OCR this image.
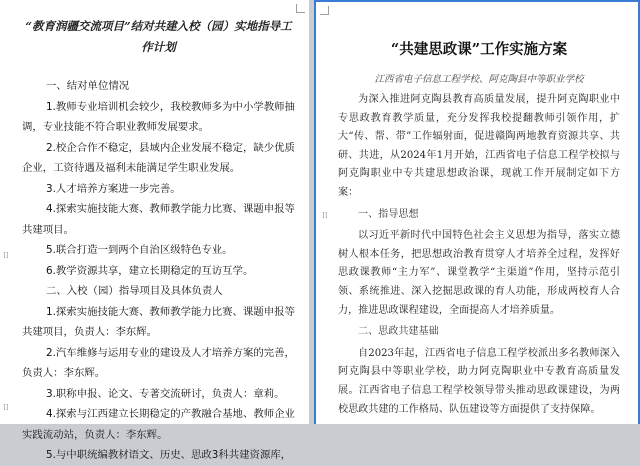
“教育润疆交流项目”结对共建入校（园）实地指导工作计划

一、结对单位情况

1.教师专业培训机会较少，我校教师多为中小学教师抽调，专业技能不符合职业教师发展要求。

2.校企合作不稳定，县域内企业发展不稳定，缺少优质企业，工资待遇及福利未能满足学生职业发展。

3.人才培养方案进一步完善。

4.探索实施技能大赛、教师教学能力比赛、课题申报等共建项目。

5.联合打造一到两个自治区级特色专业。

6.教学资源共享，建立长期稳定的互访互学。

二、入校（园）指导项目及具体负责人

1.探索实施技能大赛、教师教学能力比赛、课题申报等共建项目，负责人：李东辉。

2.汽车维修与运用专业的建设及人才培养方案的完善，负责人：李东辉。

3.职称申报、论文、专著交流研讨，负责人：章莉。

4.探索与江西建立长期稳定的产教融合基地、教师企业实践流动站，负责人：李东辉。

5.与中职统编教材语文、历史、思政3科共建资源库，

“共建思政课”工作实施方案
江西省电子信息工程学校、阿克陶县中等职业学校

为深入推进阿克陶县教育高质量发展，提升阿克陶职业中专思政教育教学质量，充分发挥我校提翻教师引领作用，扩大“传、帮、带”工作辐射面，促进赣陶两地教育资源共享、共研、共进，从2024年1月开始，江西省电子信息工程学校拟与阿克陶职业中专共建思想政治课，现就工作开展制定如下方案：

一、指导思想

以习近平新时代中国特色社会主义思想为指导，落实立德树人根本任务，把思想政治教育贯穿人才培养全过程，发挥好思政课教师“主力军”、课堂教学“主渠道”作用，坚持示范引领、系统推进、深入挖掘思政课的育人功能，形成两校育人合力，推进思政课程建设，全面提高人才培养质量。

二、思政共建基础

自2023年起，江西省电子信息工程学校派出多名教师深入阿克陶县中等职业学校，助力阿克陶职业中专教育高质量发展。江西省电子信息工程学校领导带头推动思政课建设，为两校思政共建的工作格局、队伍建设等方面提供了支持保障。

⁞⁞
⁞⁞
⁞⁞
